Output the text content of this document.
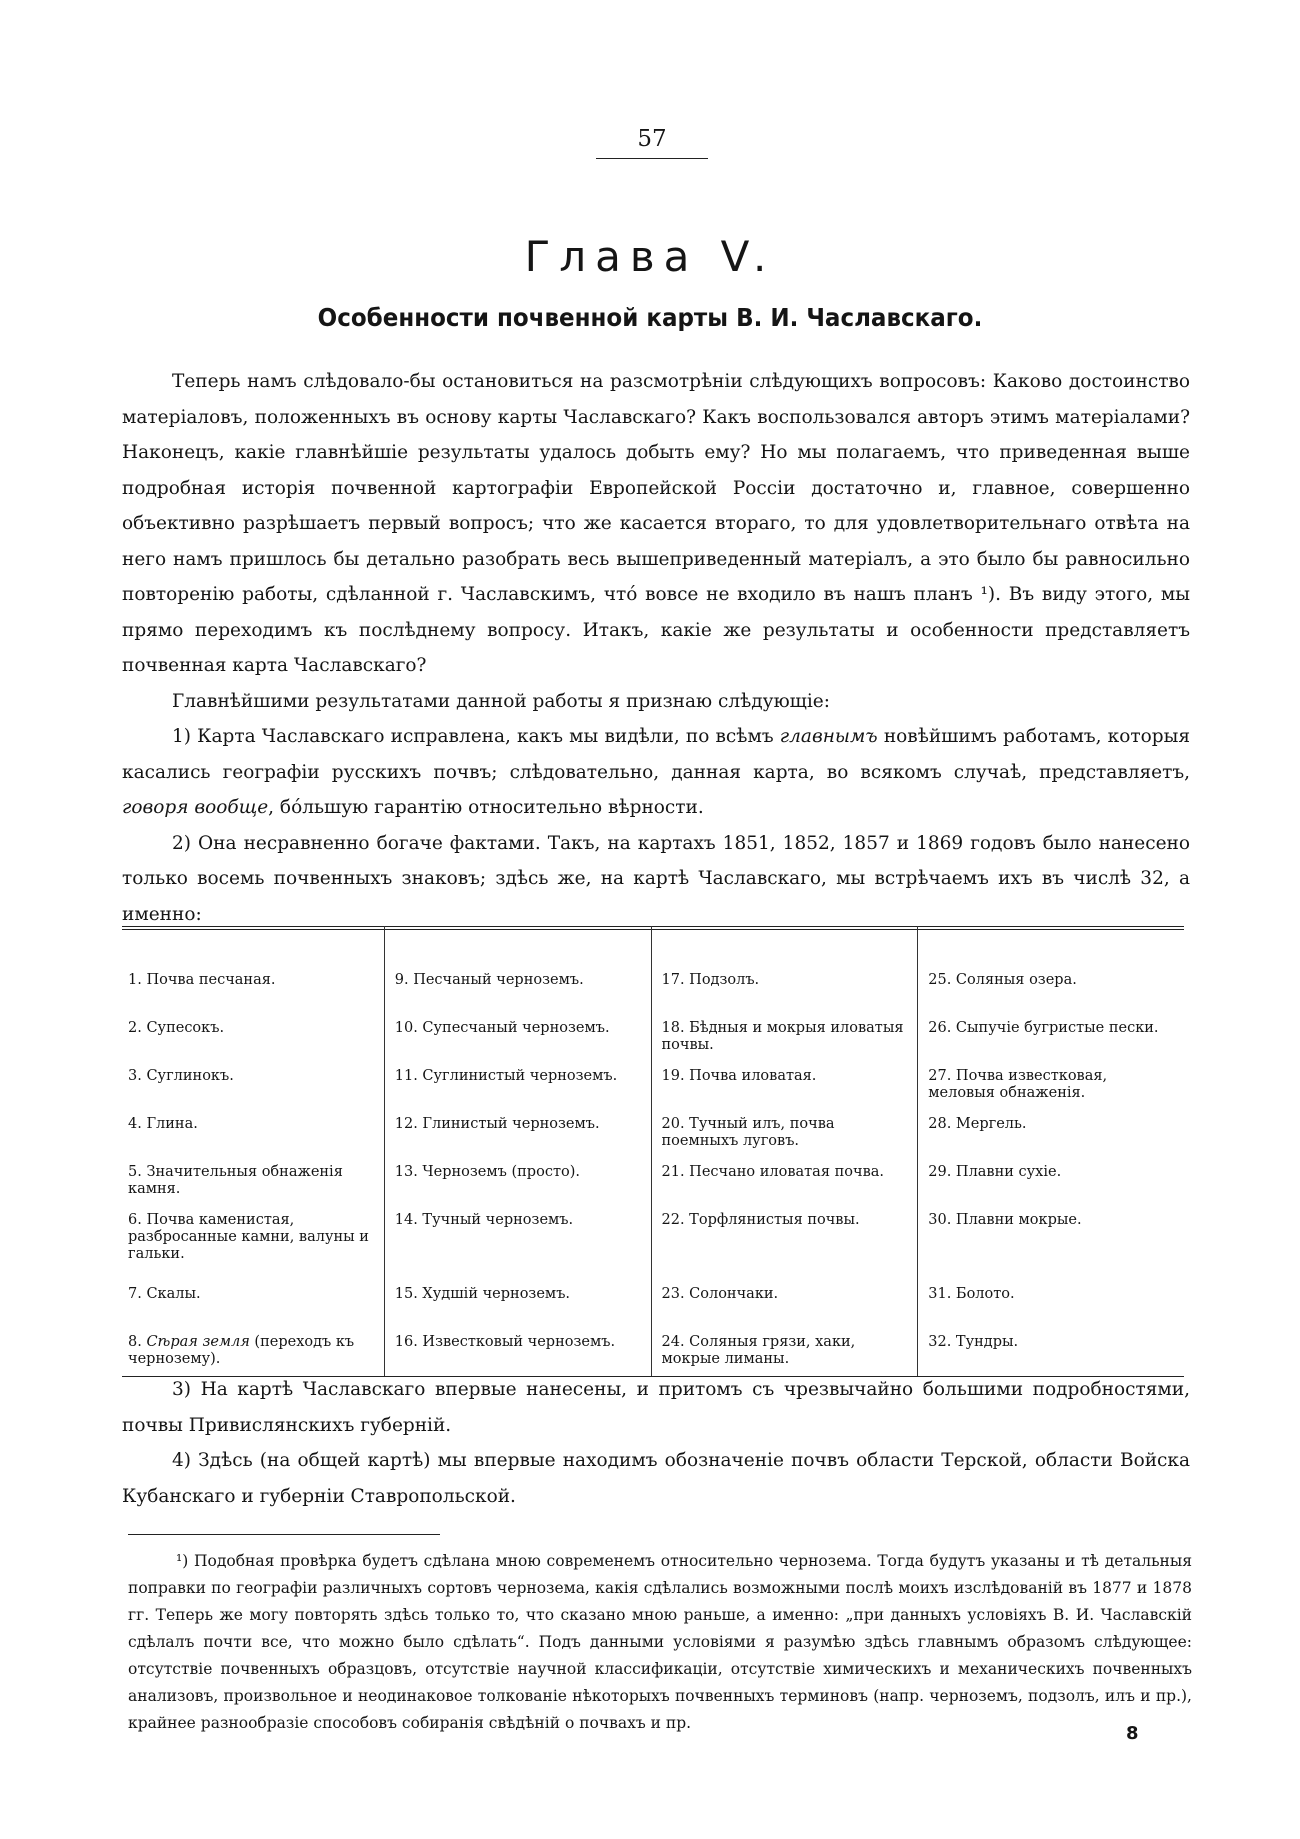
57
Глава V.
Особенности почвенной карты В. И. Чаславскаго.

Теперь намъ слѣдовало-бы остановиться на разсмотрѣніи слѣдующихъ вопросовъ: Каково достоинство матеріаловъ, положенныхъ въ основу карты Чаславскаго? Какъ воспользовался авторъ этимъ матеріалами? Наконецъ, какіе главнѣйшіе результаты удалось добыть ему? Но мы полагаемъ, что приведенная выше подробная исторія почвенной картографіи Европейской Россіи достаточно и, главное, совершенно объективно разрѣшаетъ первый вопросъ; что же касается втораго, то для удовлетворительнаго отвѣта на него намъ пришлось бы детально разобрать весь вышеприведенный матеріалъ, а это было бы равносильно повторенію работы, сдѣланной г. Чаславскимъ, чтó вовсе не входило въ нашъ планъ ¹). Въ виду этого, мы прямо переходимъ къ послѣднему вопросу. Итакъ, какіе же результаты и особенности представляетъ почвенная карта Чаславскаго?

Главнѣйшими результатами данной работы я признаю слѣдующіе:

1) Карта Чаславскаго исправлена, какъ мы видѣли, по всѣмъ главнымъ новѣйшимъ работамъ, которыя касались географіи русскихъ почвъ; слѣдовательно, данная карта, во всякомъ случаѣ, представляетъ, говоря вообще, бóльшую гарантію относительно вѣрности.

2) Она несравненно богаче фактами. Такъ, на картахъ 1851, 1852, 1857 и 1869 годовъ было нанесено только восемь почвенныхъ знаковъ; здѣсь же, на картѣ Чаславскаго, мы встрѣчаемъ ихъ въ числѣ 32, а именно:

1. Почва песчаная.
2. Супесокъ.
3. Суглинокъ.
4. Глина.
5. Значительныя обнаженія камня.
6. Почва каменистая, разбросанные камни, валуны и гальки.
7. Скалы.
8. Сѣрая земля (переходъ къ чернозему).
9. Песчаный черноземъ.
10. Супесчаный черноземъ.
11. Суглинистый черноземъ.
12. Глинистый черноземъ.
13. Черноземъ (просто).
14. Тучный черноземъ.
15. Худшій черноземъ.
16. Известковый черноземъ.
17. Подзолъ.
18. Бѣдныя и мокрыя иловатыя почвы.
19. Почва иловатая.
20. Тучный илъ, почва поемныхъ луговъ.
21. Песчано иловатая почва.
22. Торфлянистыя почвы.
23. Солончаки.
24. Соляныя грязи, хаки, мокрые лиманы.
25. Соляныя озера.
26. Сыпучіе бугристые пески.
27. Почва известковая, меловыя обнаженія.
28. Мергель.
29. Плавни сухіе.
30. Плавни мокрые.
31. Болото.
32. Тундры.

3) На картѣ Чаславскаго впервые нанесены, и притомъ съ чрезвычайно большими подробностями, почвы Привислянскихъ губерній.

4) Здѣсь (на общей картѣ) мы впервые находимъ обозначеніе почвъ области Терской, области Войска Кубанскаго и губерніи Ставропольской.

¹) Подобная провѣрка будетъ сдѣлана мною современемъ относительно чернозема. Тогда будутъ указаны и тѣ детальныя поправки по географіи различныхъ сортовъ чернозема, какія сдѣлались возможными послѣ моихъ изслѣдованій въ 1877 и 1878 гг. Теперь же могу повторять здѣсь только то, что сказано мною раньше, а именно: „при данныхъ условіяхъ В. И. Чаславскій сдѣлалъ почти все, что можно было сдѣлать“. Подъ данными условіями я разумѣю здѣсь главнымъ образомъ слѣдующее: отсутствіе почвенныхъ образцовъ, отсутствіе научной классификаціи, отсутствіе химическихъ и механическихъ почвенныхъ анализовъ, произвольное и неодинаковое толкованіе нѣкоторыхъ почвенныхъ терминовъ (напр. черноземъ, подзолъ, илъ и пр.), крайнее разнообразіе способовъ собиранія свѣдѣній о почвахъ и пр.	8
